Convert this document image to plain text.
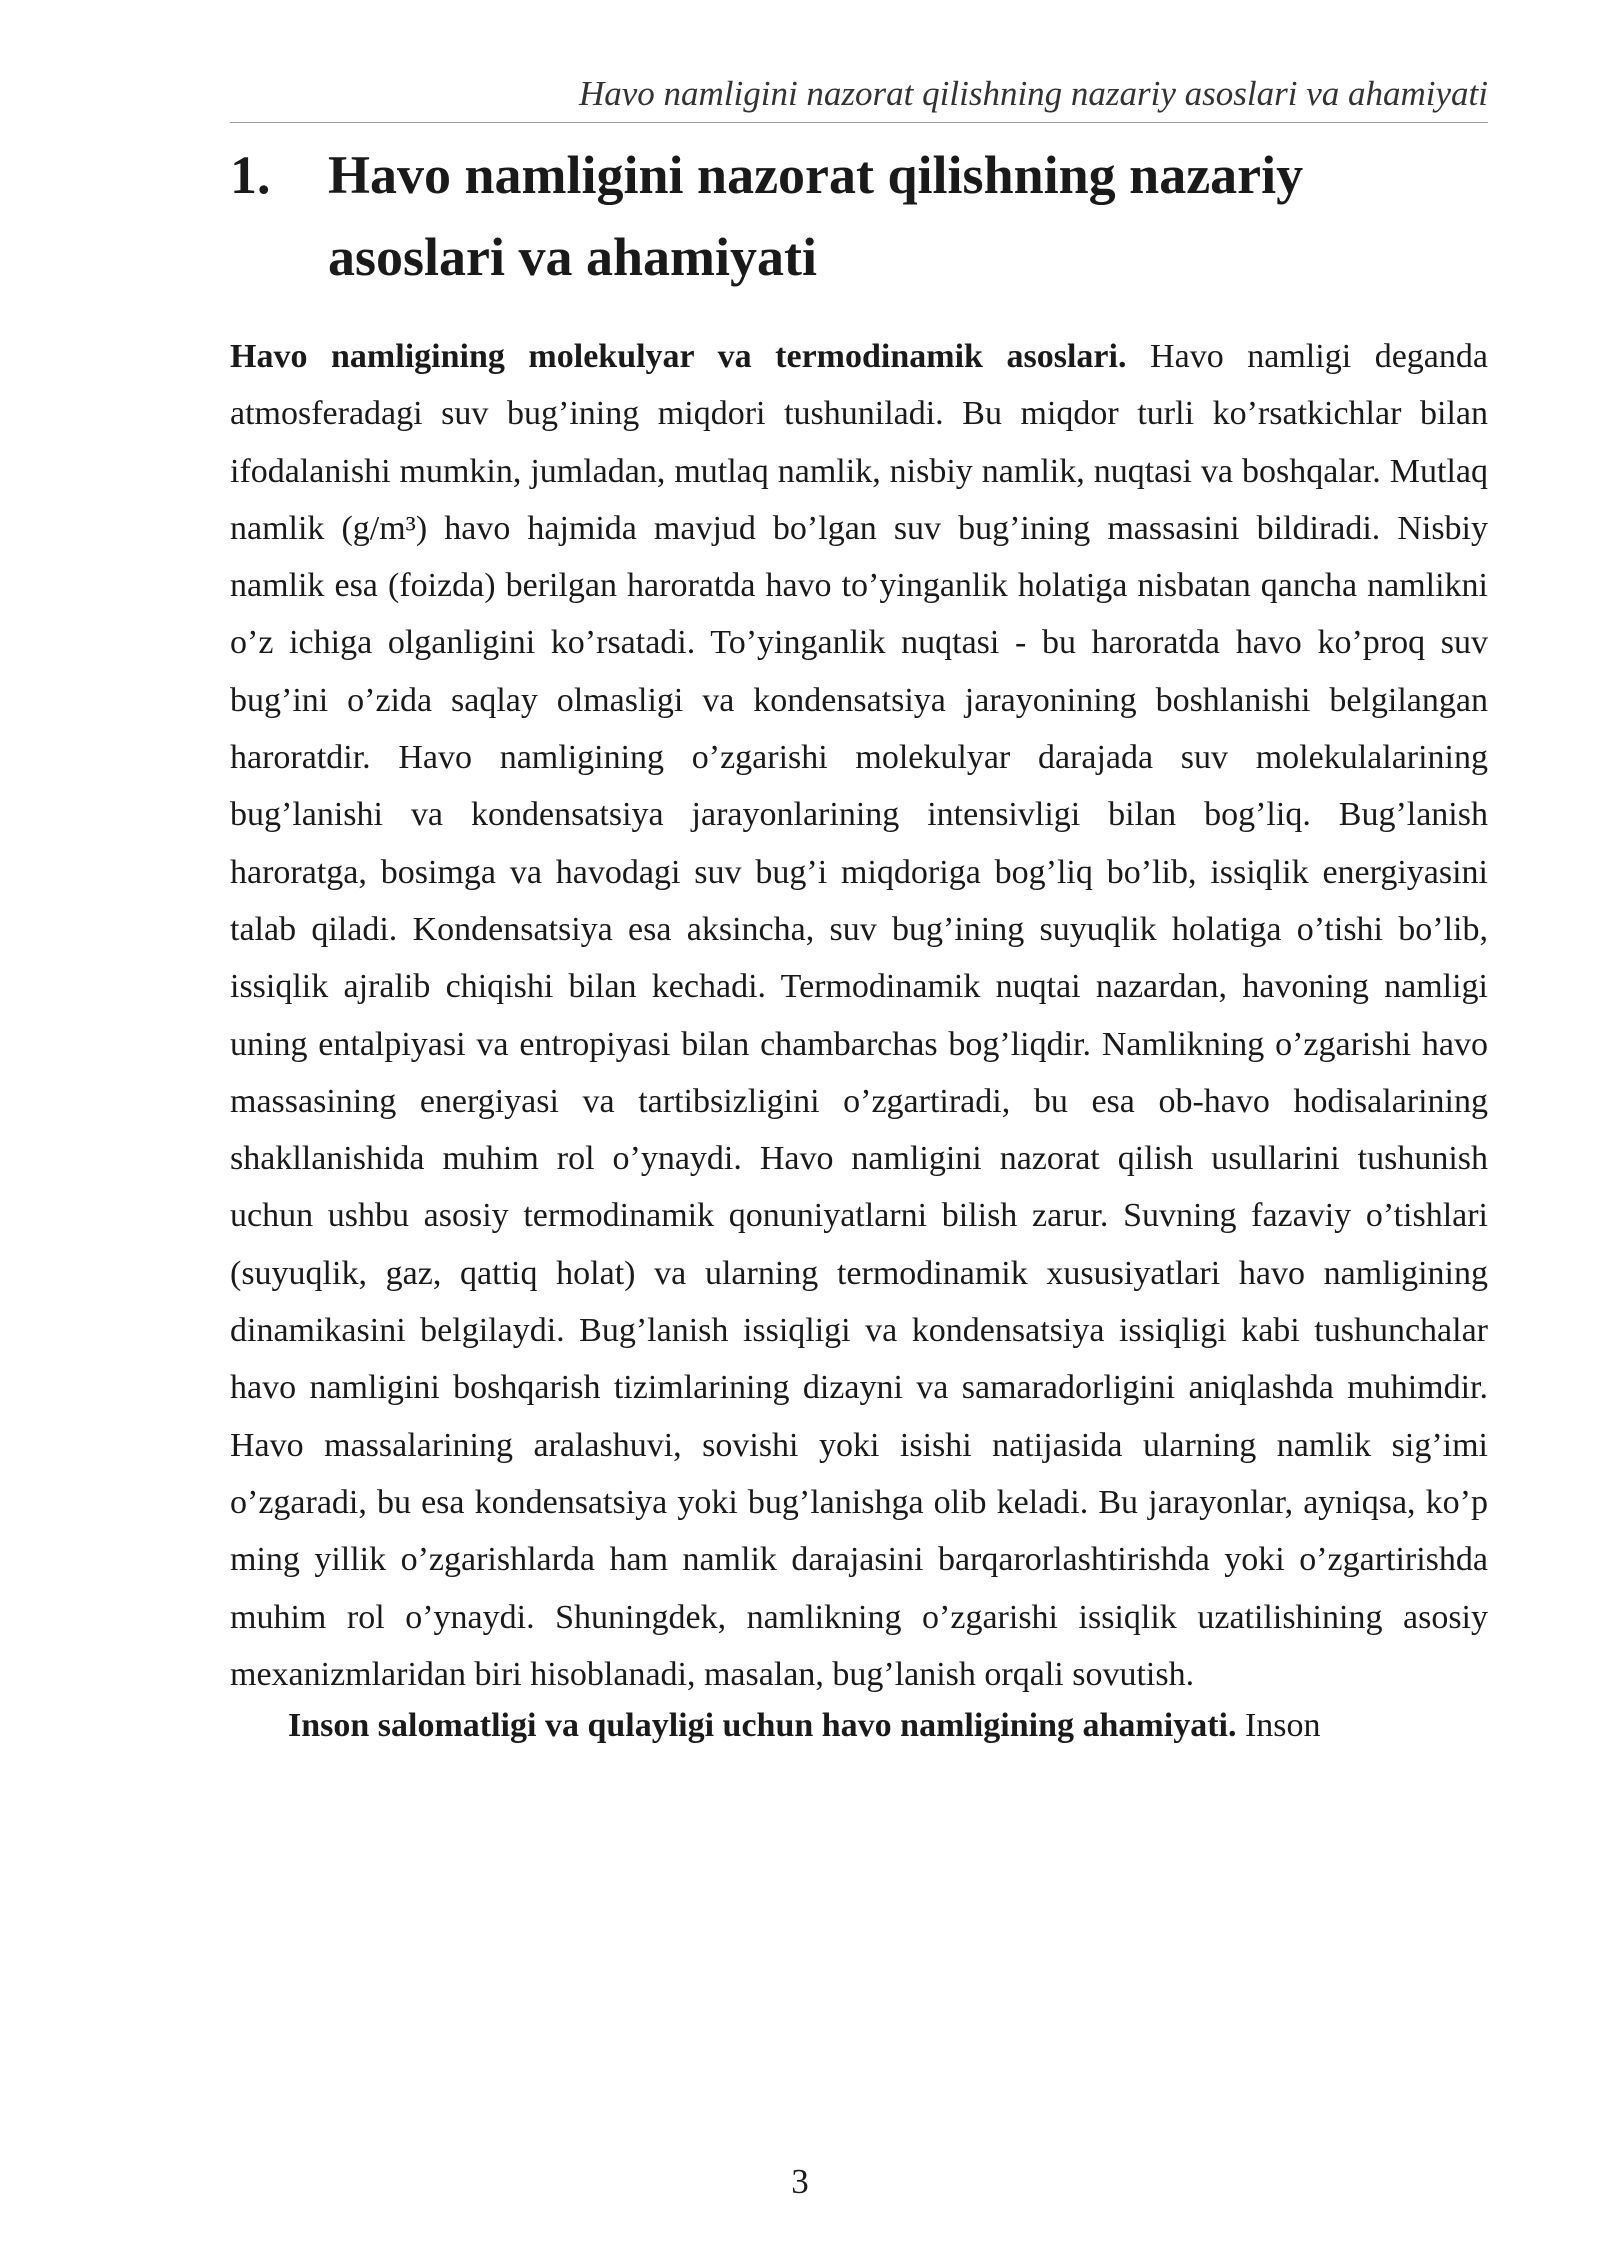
Havo namligini nazorat qilishning nazariy asoslari va ahamiyati
1.	Havo namligini nazorat qilishning nazariy asoslari va ahamiyati

Havo namligining molekulyar va termodinamik asoslari. Havo namligi deganda atmosferadagi suv bug’ining miqdori tushuniladi. Bu miqdor turli ko’rsatkichlar bilan ifodalanishi mumkin, jumladan, mutlaq namlik, nisbiy namlik, nuqtasi va boshqalar. Mutlaq namlik (g/m³) havo hajmida mavjud bo’lgan suv bug’ining massasini bildiradi. Nisbiy namlik esa (foizda) berilgan haroratda havo to’yinganlik holatiga nisbatan qancha namlikni o’z ichiga olganligini ko’rsatadi. To’yinganlik nuqtasi - bu haroratda havo ko’proq suv bug’ini o’zida saqlay olmasligi va kondensatsiya jarayonining boshlanishi belgilangan haroratdir. Havo namligining o’zgarishi molekulyar darajada suv molekulalarining bug’lanishi va kondensatsiya jarayonlarining intensivligi bilan bog’liq. Bug’lanish haroratga, bosimga va havodagi suv bug’i miqdoriga bog’liq bo’lib, issiqlik energiyasini talab qiladi. Kondensatsiya esa aksincha, suv bug’ining suyuqlik holatiga o’tishi bo’lib, issiqlik ajralib chiqishi bilan kechadi. Termodinamik nuqtai nazardan, havoning namligi uning entalpiyasi va entropiyasi bilan chambarchas bog’liqdir. Namlikning o’zgarishi havo massasining energiyasi va tartibsizligini o’zgartiradi, bu esa ob-havo hodisalarining shakllanishida muhim rol o’ynaydi. Havo namligini nazorat qilish usullarini tushunish uchun ushbu asosiy termodinamik qonuniyatlarni bilish zarur. Suvning fazaviy o’tishlari (suyuqlik, gaz, qattiq holat) va ularning termodinamik xususiyatlari havo namligining dinamikasini belgilaydi. Bug’lanish issiqligi va kondensatsiya issiqligi kabi tushunchalar havo namligini boshqarish tizimlarining dizayni va samaradorligini aniqlashda muhimdir. Havo massalarining aralashuvi, sovishi yoki isishi natijasida ularning namlik sig’imi o’zgaradi, bu esa kondensatsiya yoki bug’lanishga olib keladi. Bu jarayonlar, ayniqsa, ko’p ming yillik o’zgarishlarda ham namlik darajasini barqarorlashtirishda yoki o’zgartirishda muhim rol o’ynaydi. Shuningdek, namlikning o’zgarishi issiqlik uzatilishining asosiy mexanizmlaridan biri hisoblanadi, masalan, bug’lanish orqali sovutish.

Inson salomatligi va qulayligi uchun havo namligining ahamiyati. Inson

3
